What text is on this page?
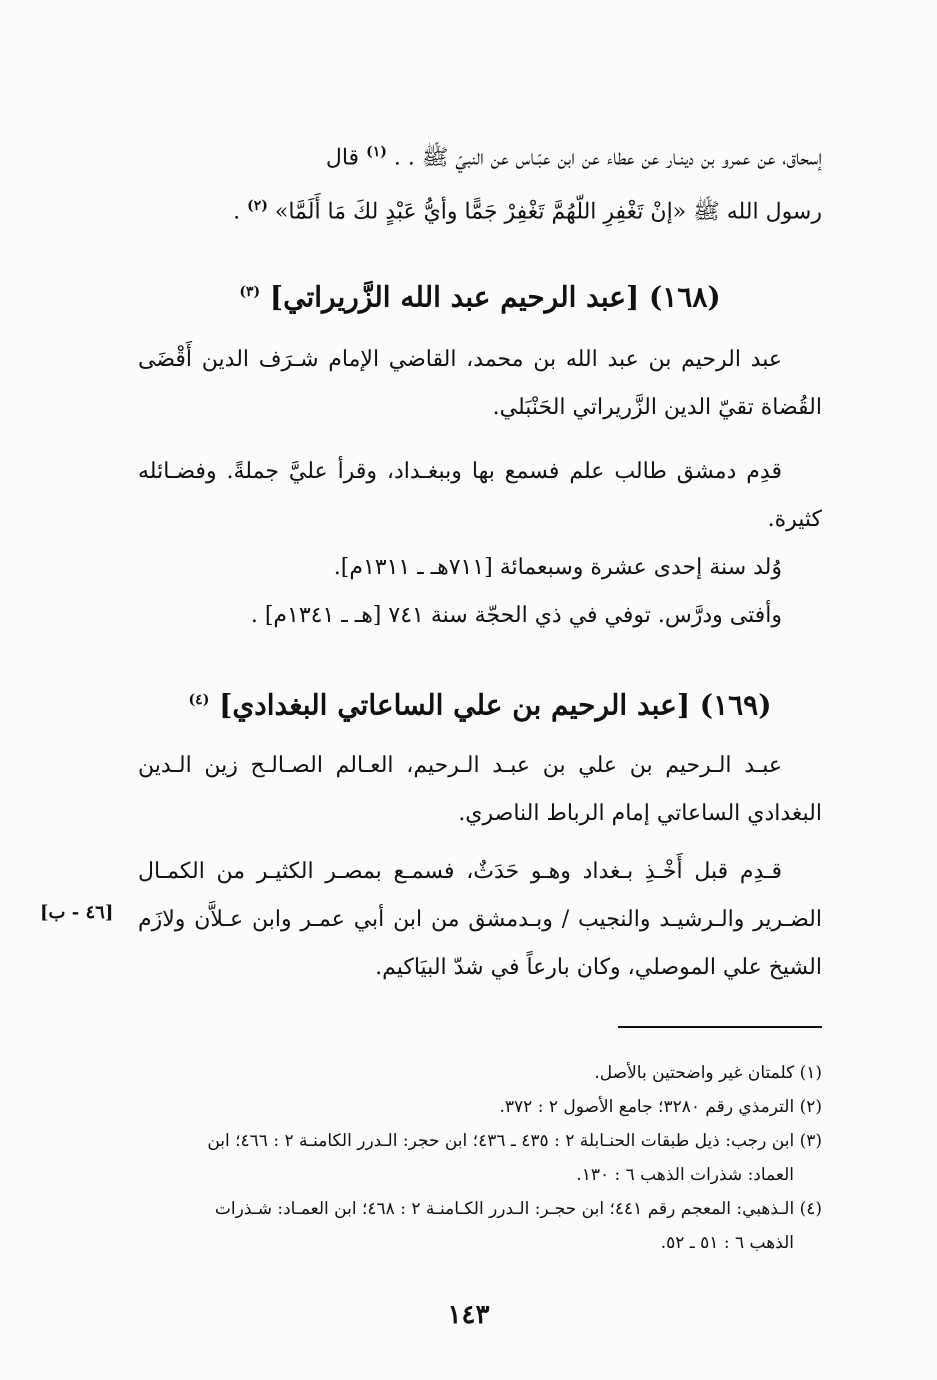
إسحاق، عن عمرو بن دينـار عن عطاء عن ابن عبّـاس عن النبيّ ﷺ . . $^{(١)}$ قال

رسول الله ﷺ «إنْ تَغْفِرِ اللّهُمَّ تَغْفِرْ جَمًّا وأيُّ عَبْدٍ لكَ مَا أَلَمَّا» $^{(٢)}$ .

(١٦٨) [عبد الرحيم عبد الله الزَّريراتي] $^{(٣)}$

عبد الرحيم بن عبد الله بن محمد، القاضي الإمام شـرَف الدين أَقْضَى القُضاة تقيّ الدين الزَّريراتي الحَنْبَلي.

قدِم دمشق طالب علم فسمع بها وببغـداد، وقرأ عليَّ جملةً. وفضـائله كثيرة.

وُلد سنة إحدى عشرة وسبعمائة [٧١١هـ ـ ١٣١١م].

وأفتى ودرَّس. توفي في ذي الحجّة سنة ٧٤١ [هـ ـ ١٣٤١م] .

(١٦٩) [عبد الرحيم بن علي الساعاتي البغدادي] $^{(٤)}$

عبـد الـرحيم بن علي بن عبـد الـرحيم، العـالم الصـالـح زين الـدين البغدادي الساعاتي إمام الرباط الناصري.

قـدِم قبل أَخْـذِ بـغداد وهـو حَدَثٌ، فسمـع بمصـر الكثيـر من الكمـال الضـرير والـرشيـد والنجيب / وبـدمشق من ابن أبي عمـر وابن عـلاَّن ولازَم الشيخ علي الموصلي، وكان بارعاً في شدّ البيَاكيم.

[٤٦ - ب]

(١) كلمتان غير واضحتين بالأصل.

(٢) الترمذي رقم ٣٢٨٠؛ جامع الأصول ٢ : ٣٧٢.

(٣) ابن رجب: ذيل طبقات الحنـابلة ٢ : ٤٣٥ ـ ٤٣٦؛ ابن حجر: الـدرر الكامنـة ٢ : ٤٦٦؛ ابن

العماد: شذرات الذهب ٦ : ١٣٠.

(٤) الـذهبي: المعجم رقم ٤٤١؛ ابن حجـر: الـدرر الكـامنـة ٢ : ٤٦٨؛ ابن العمـاد: شـذرات

الذهب ٦ : ٥١ ـ ٥٢.

١٤٣
